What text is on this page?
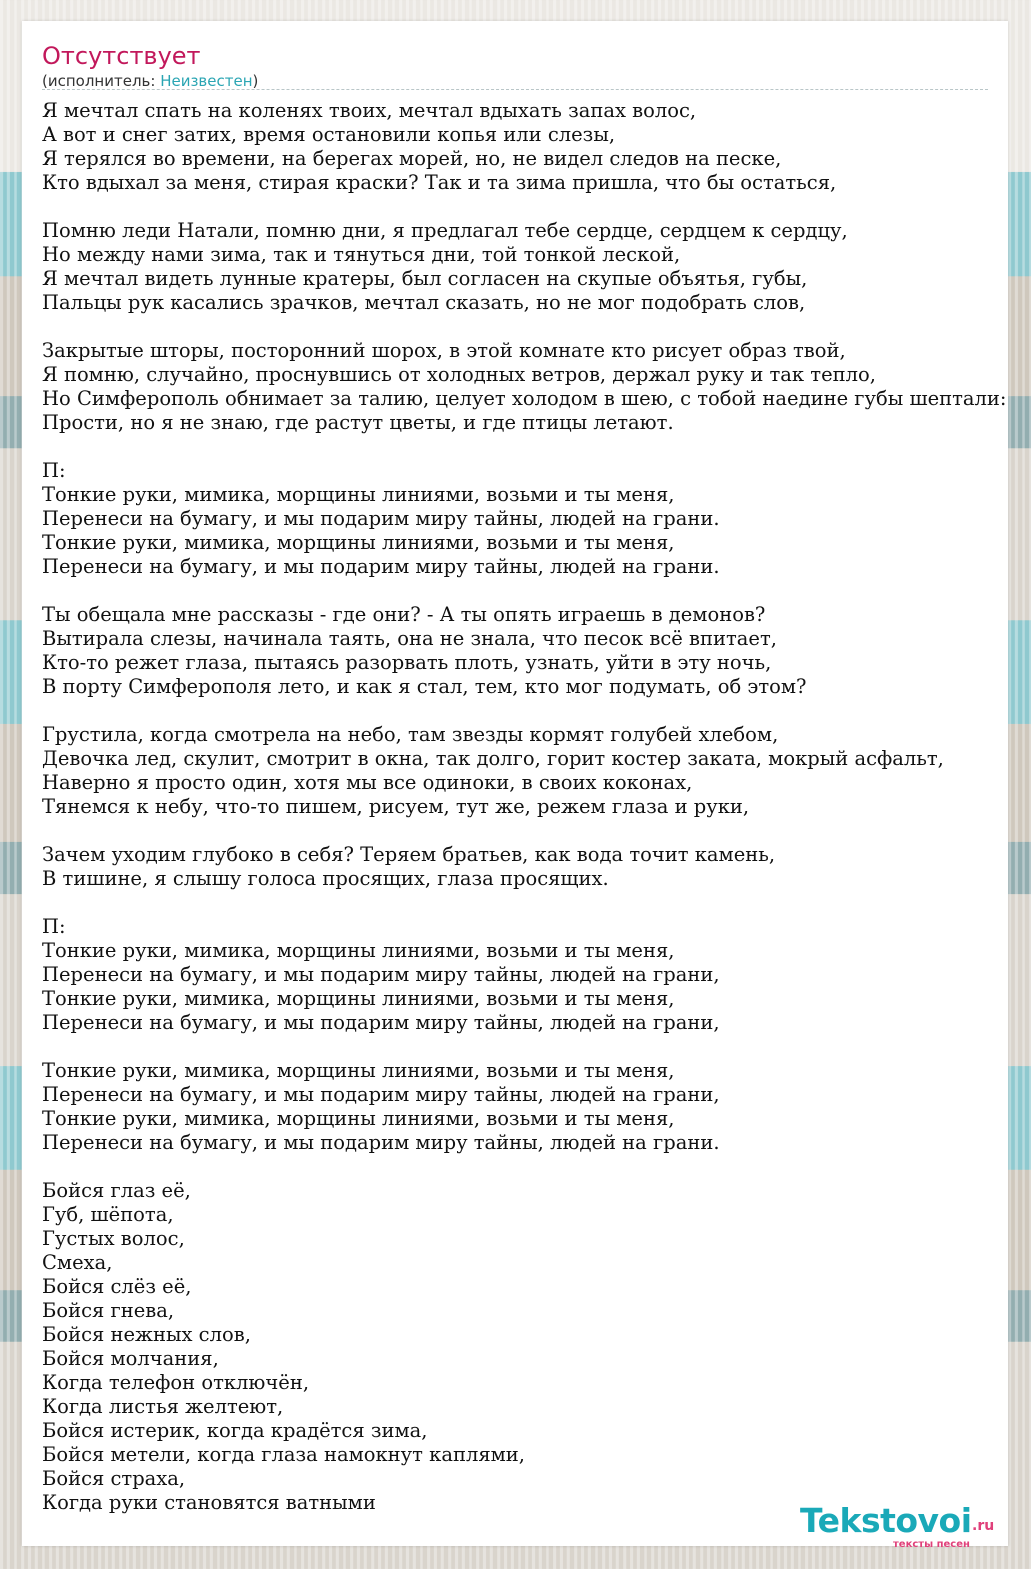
Отсутствует
(исполнитель: Неизвестен)
Я мечтал спать на коленях твоих, мечтал вдыхать запах волос,
А вот и снег затих, время остановили копья или слезы,
Я терялся во времени, на берегах морей, но, не видел следов на песке,
Кто вдыхал за меня, стирая краски? Так и та зима пришла, что бы остаться,
Помню леди Натали, помню дни, я предлагал тебе сердце, сердцем к сердцу,
Но между нами зима, так и тянуться дни, той тонкой леской,
Я мечтал видеть лунные кратеры, был согласен на скупые объятья, губы,
Пальцы рук касались зрачков, мечтал сказать, но не мог подобрать слов,
Закрытые шторы, посторонний шорох, в этой комнате кто рисует образ твой,
Я помню, случайно, проснувшись от холодных ветров, держал руку и так тепло,
Но Симферополь обнимает за талию, целует холодом в шею, с тобой наедине губы шептали:
Прости, но я не знаю, где растут цветы, и где птицы летают.
П:
Тонкие руки, мимика, морщины линиями, возьми и ты меня,
Перенеси на бумагу, и мы подарим миру тайны, людей на грани.
Тонкие руки, мимика, морщины линиями, возьми и ты меня,
Перенеси на бумагу, и мы подарим миру тайны, людей на грани.
Ты обещала мне рассказы - где они? - А ты опять играешь в демонов?
Вытирала слезы, начинала таять, она не знала, что песок всё впитает,
Кто-то режет глаза, пытаясь разорвать плоть, узнать, уйти в эту ночь,
В порту Симферополя лето, и как я стал, тем, кто мог подумать, об этом?
Грустила, когда смотрела на небо, там звезды кормят голубей хлебом,
Девочка лед, скулит, смотрит в окна, так долго, горит костер заката, мокрый асфальт,
Наверно я просто один, хотя мы все одиноки, в своих коконах,
Тянемся к небу, что-то пишем, рисуем, тут же, режем глаза и руки,
Зачем уходим глубоко в себя? Теряем братьев, как вода точит камень,
В тишине, я слышу голоса просящих, глаза просящих.
П:
Тонкие руки, мимика, морщины линиями, возьми и ты меня,
Перенеси на бумагу, и мы подарим миру тайны, людей на грани,
Тонкие руки, мимика, морщины линиями, возьми и ты меня,
Перенеси на бумагу, и мы подарим миру тайны, людей на грани,
Тонкие руки, мимика, морщины линиями, возьми и ты меня,
Перенеси на бумагу, и мы подарим миру тайны, людей на грани,
Тонкие руки, мимика, морщины линиями, возьми и ты меня,
Перенеси на бумагу, и мы подарим миру тайны, людей на грани.
Бойся глаз её,
Губ, шёпота,
Густых волос,
Смеха,
Бойся слёз её,
Бойся гнева,
Бойся нежных слов,
Бойся молчания,
Когда телефон отключён,
Когда листья желтеют,
Бойся истерик, когда крадётся зима,
Бойся метели, когда глаза намокнут каплями,
Бойся страха,
Когда руки становятся ватными	Tekstovoi .ru
тексты песен
